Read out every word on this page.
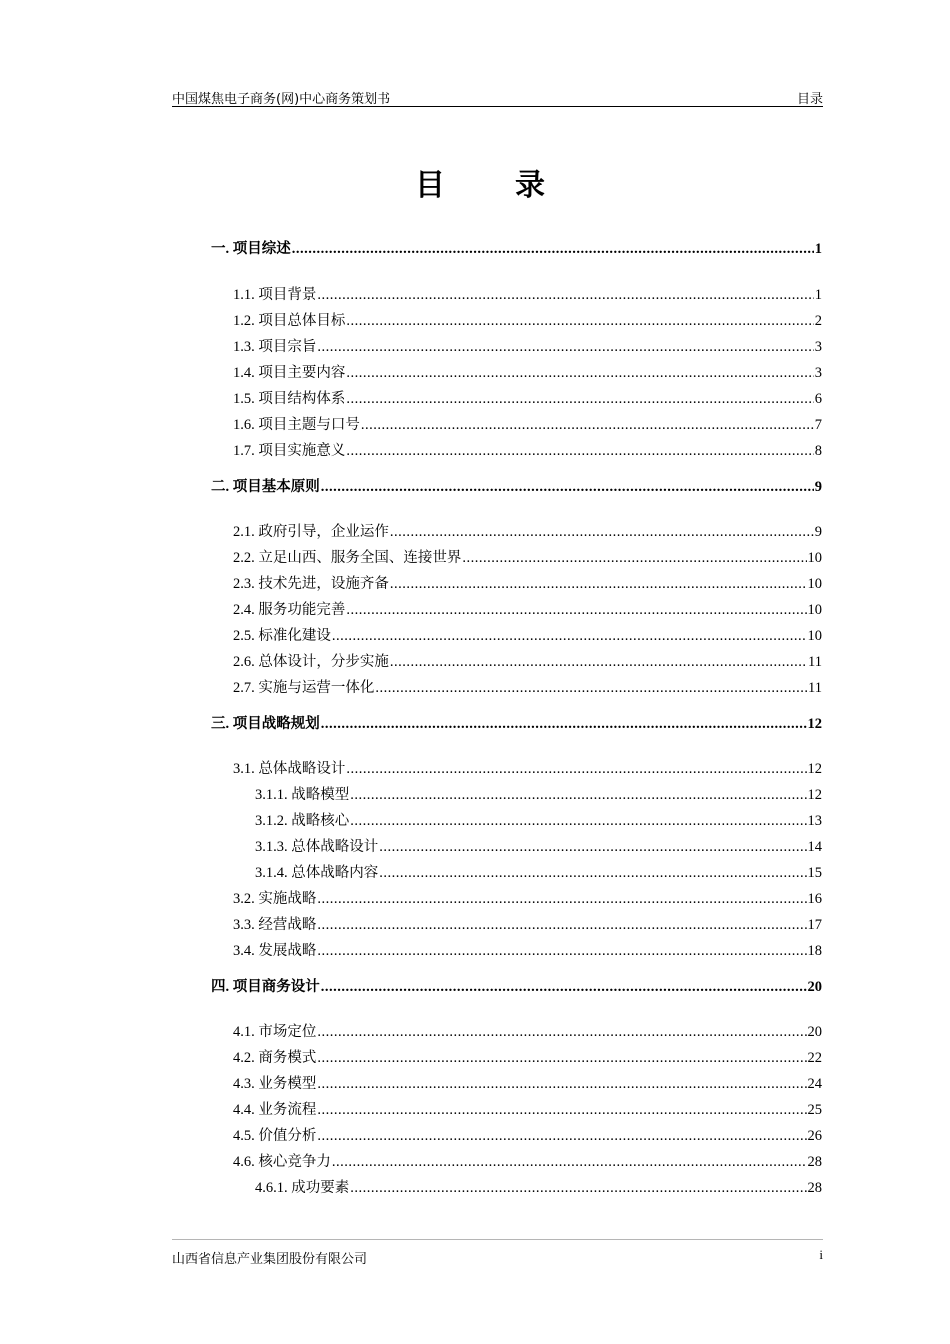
中国煤焦电子商务(网)中心商务策划书	目录
目录
一. 项目综述 .....	1
1.1. 项目背景 .....	1
1.2. 项目总体目标 .....	2
1.3. 项目宗旨 .....	3
1.4. 项目主要内容 .....	3
1.5. 项目结构体系 .....	6
1.6. 项目主题与口号 .....	7
1.7. 项目实施意义 .....	8
二. 项目基本原则 .....	9
2.1. 政府引导，企业运作 .....	9
2.2. 立足山西、服务全国、连接世界 .....	10
2.3. 技术先进，设施齐备 .....	10
2.4. 服务功能完善 .....	10
2.5. 标准化建设 .....	10
2.6. 总体设计，分步实施 .....	11
2.7. 实施与运营一体化 .....	11
三. 项目战略规划 .....	12
3.1. 总体战略设计 .....	12
3.1.1. 战略模型 .....	12
3.1.2. 战略核心 .....	13
3.1.3. 总体战略设计 .....	14
3.1.4. 总体战略内容 .....	15
3.2. 实施战略 .....	16
3.3. 经营战略 .....	17
3.4. 发展战略 .....	18
四. 项目商务设计 .....	20
4.1. 市场定位 .....	20
4.2. 商务模式 .....	22
4.3. 业务模型 .....	24
4.4. 业务流程 .....	25
4.5. 价值分析 .....	26
4.6. 核心竞争力 .....	28
4.6.1. 成功要素 .....	28
山西省信息产业集团股份有限公司	i
